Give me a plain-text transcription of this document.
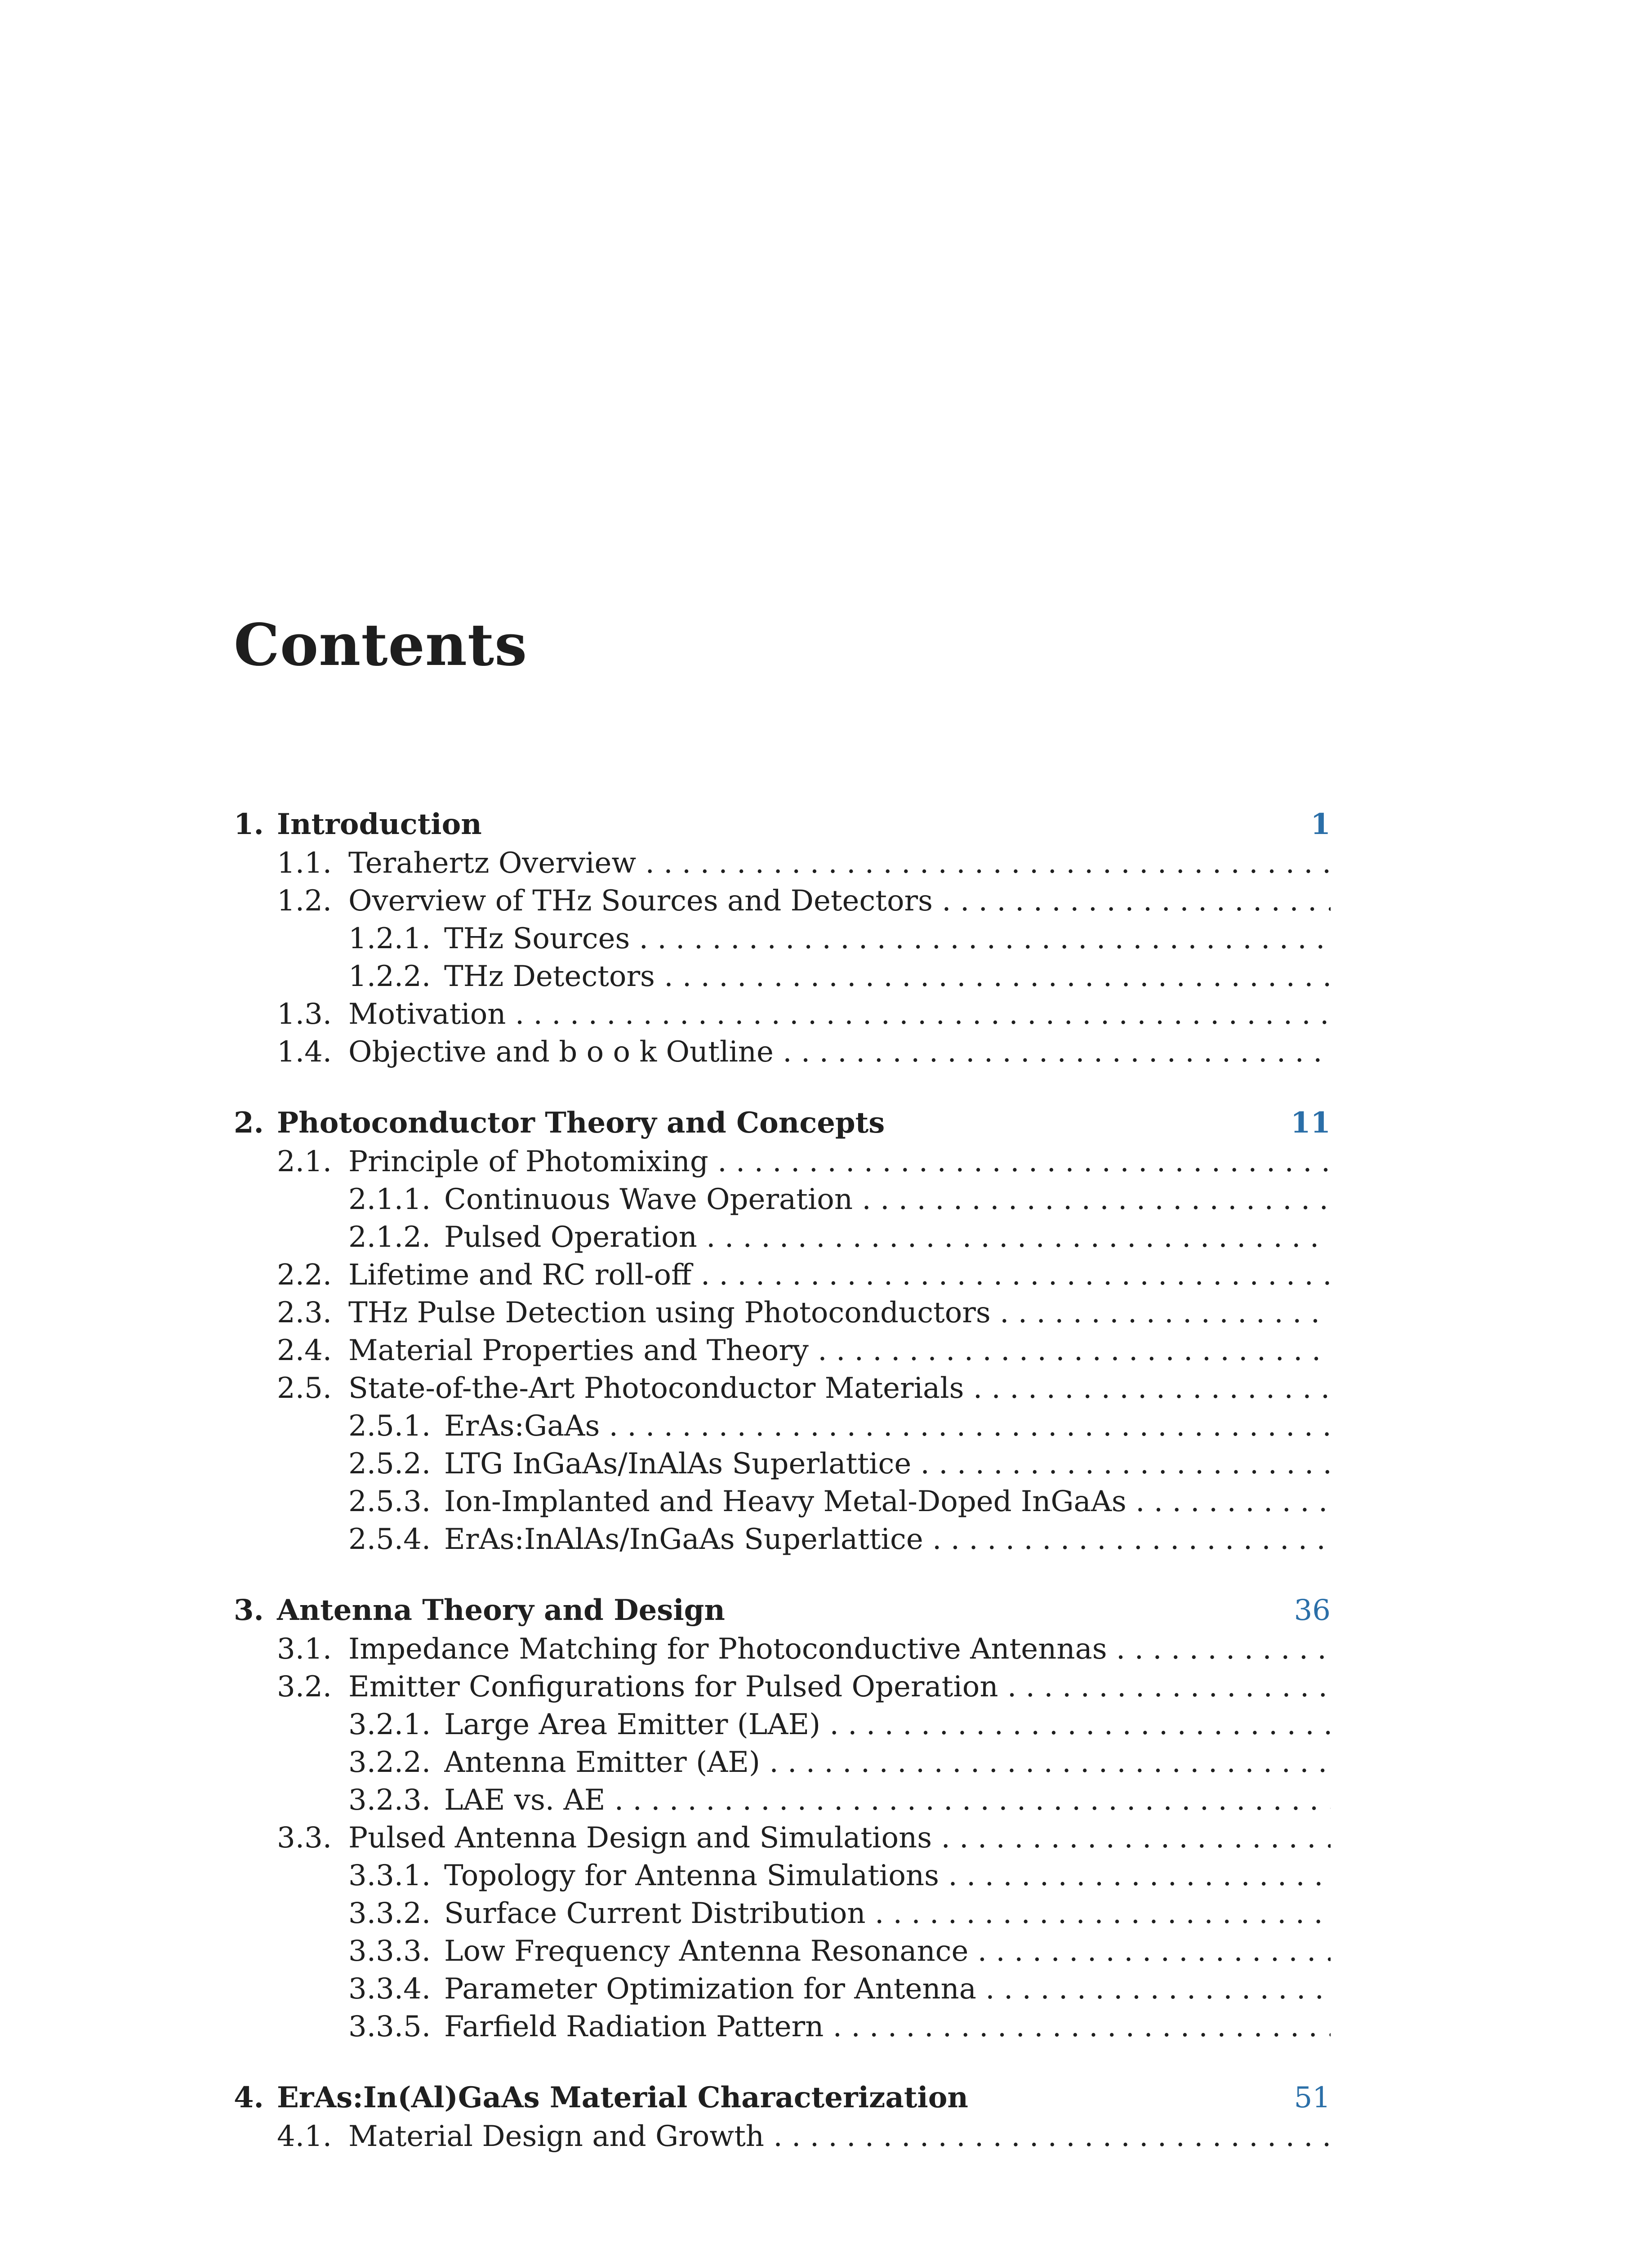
Contents
1. Introduction	1
1.1. Terahertz Overview . . .
1.2. Overview of THz Sources and Detectors . . .
1.2.1. THz Sources . . .
1.2.2. THz Detectors . . .
1.3. Motivation . . .
1.4. Objective and b o o k Outline . . .
2. Photoconductor Theory and Concepts	11
2.1. Principle of Photomixing . . .
2.1.1. Continuous Wave Operation . . .
2.1.2. Pulsed Operation . . .
2.2. Lifetime and RC roll-off . . .
2.3. THz Pulse Detection using Photoconductors . . .
2.4. Material Properties and Theory . . .
2.5. State-of-the-Art Photoconductor Materials . . .
2.5.1. ErAs:GaAs . . .
2.5.2. LTG InGaAs/InAlAs Superlattice . . .
2.5.3. Ion-Implanted and Heavy Metal-Doped InGaAs . . .
2.5.4. ErAs:InAlAs/InGaAs Superlattice . . .
3. Antenna Theory and Design	36
3.1. Impedance Matching for Photoconductive Antennas . . .
3.2. Emitter Configurations for Pulsed Operation . . .
3.2.1. Large Area Emitter (LAE) . . .
3.2.2. Antenna Emitter (AE) . . .
3.2.3. LAE vs. AE . . .
3.3. Pulsed Antenna Design and Simulations . . .
3.3.1. Topology for Antenna Simulations . . .
3.3.2. Surface Current Distribution . . .
3.3.3. Low Frequency Antenna Resonance . . .
3.3.4. Parameter Optimization for Antenna . . .
3.3.5. Farfield Radiation Pattern . . .
4. ErAs:In(Al)GaAs Material Characterization	51
4.1. Material Design and Growth . . .
